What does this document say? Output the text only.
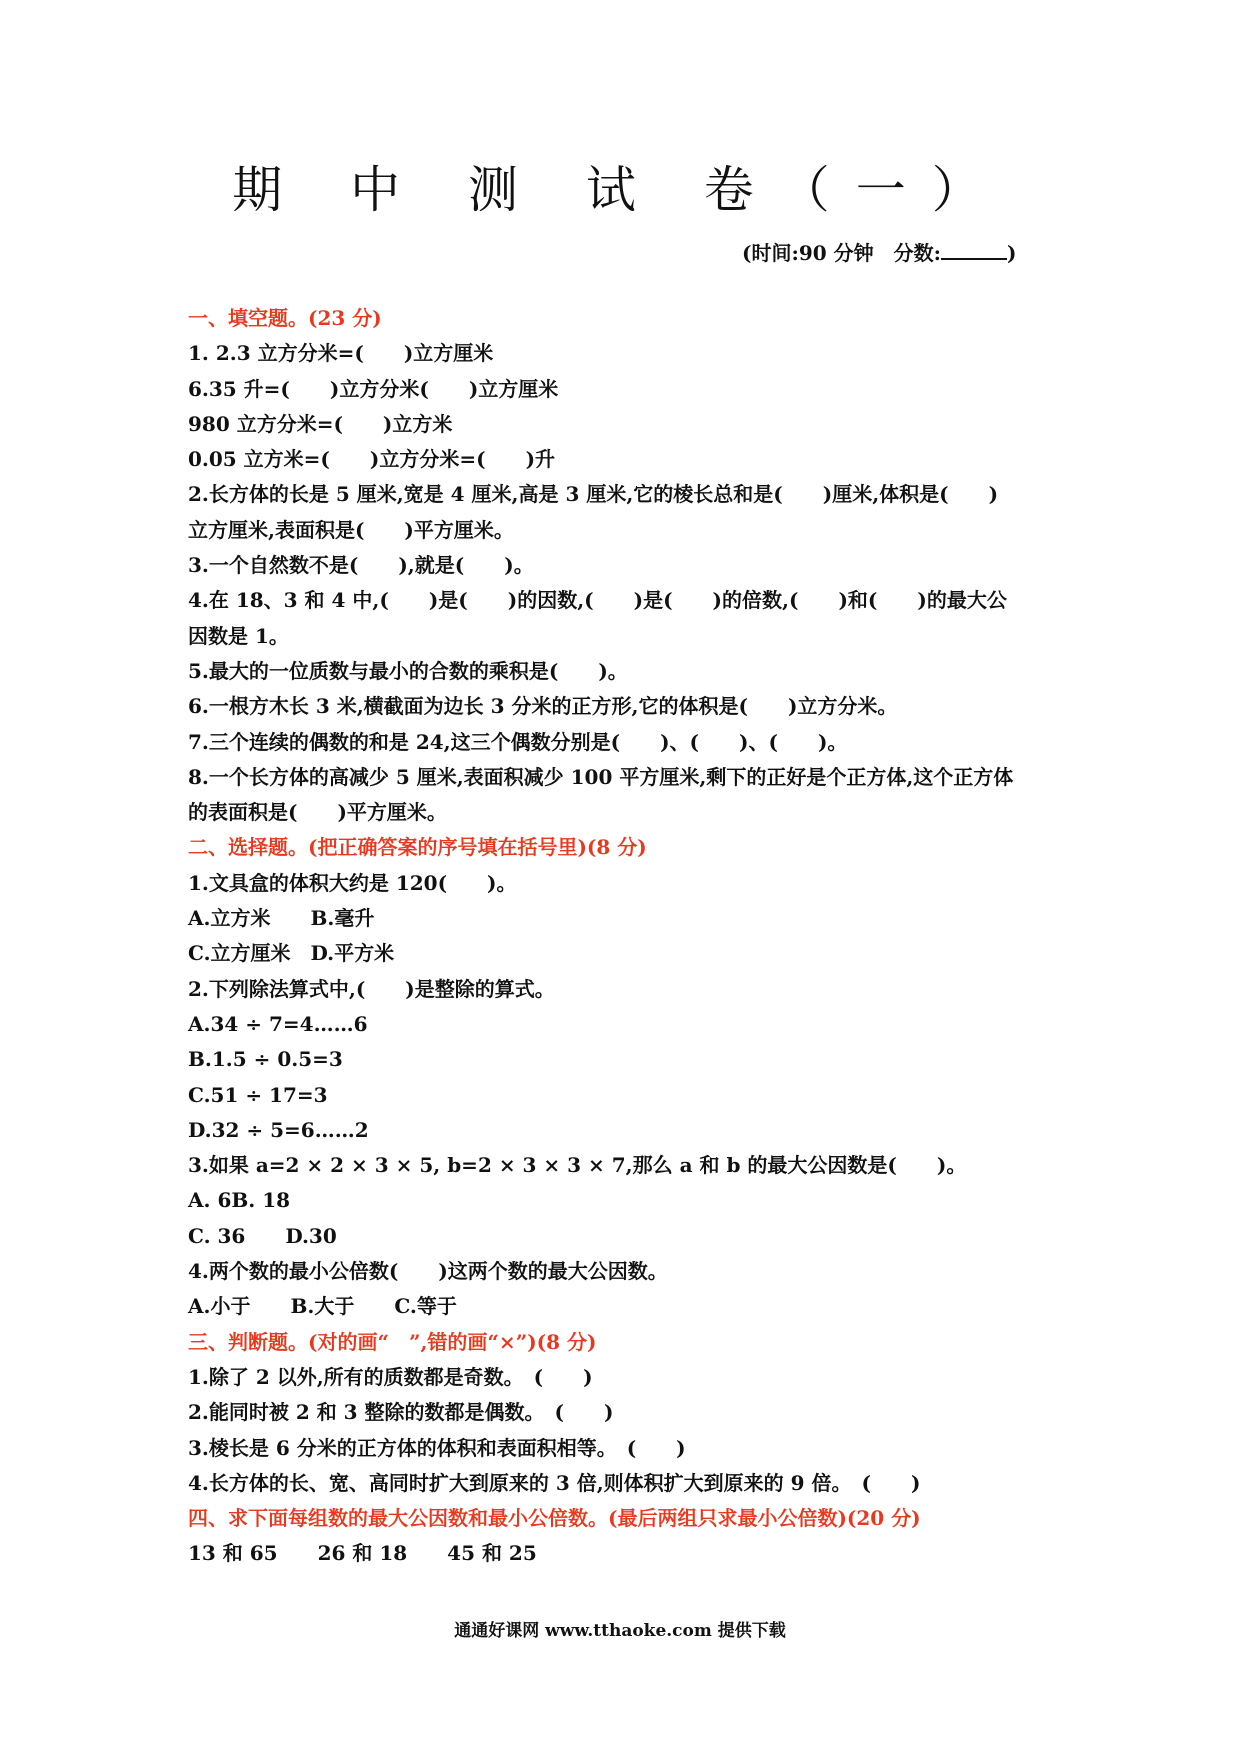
期 中 测 试 卷（一）
(时间:90 分钟　分数:	)

一、填空题。(23 分)

1. 2.3 立方分米=(　　)立方厘米

6.35 升=(　　)立方分米(　　)立方厘米

980 立方分米=(　　)立方米

0.05 立方米=(　　)立方分米=(　　)升

2.长方体的长是 5 厘米,宽是 4 厘米,高是 3 厘米,它的棱长总和是(　　)厘米,体积是(　　)

立方厘米,表面积是(　　)平方厘米。

3.一个自然数不是(　　),就是(　　)。

4.在 18、3 和 4 中,(　　)是(　　)的因数,(　　)是(　　)的倍数,(　　)和(　　)的最大公

因数是 1。

5.最大的一位质数与最小的合数的乘积是(　　)。

6.一根方木长 3 米,横截面为边长 3 分米的正方形,它的体积是(　　)立方分米。

7.三个连续的偶数的和是 24,这三个偶数分别是(　　)、(　　)、(　　)。

8.一个长方体的高减少 5 厘米,表面积减少 100 平方厘米,剩下的正好是个正方体,这个正方体

的表面积是(　　)平方厘米。

二、选择题。(把正确答案的序号填在括号里)(8 分)

1.文具盒的体积大约是 120(　　)。

A.立方米　　B.毫升

C.立方厘米　D.平方米

2.下列除法算式中,(　　)是整除的算式。

A.34 ÷ 7=4……6

B.1.5 ÷ 0.5=3

C.51 ÷ 17=3

D.32 ÷ 5=6……2

3.如果 a=2 × 2 × 3 × 5, b=2 × 3 × 3 × 7,那么 a 和 b 的最大公因数是(　　)。

A. 6B. 18

C. 36　　D.30

4.两个数的最小公倍数(　　)这两个数的最大公因数。

A.小于　　B.大于　　C.等于

三、判断题。(对的画“　”,错的画“×”)(8 分)

1.除了 2 以外,所有的质数都是奇数。　(　　)

2.能同时被 2 和 3 整除的数都是偶数。　(　　)

3.棱长是 6 分米的正方体的体积和表面积相等。　(　　)

4.长方体的长、宽、高同时扩大到原来的 3 倍,则体积扩大到原来的 9 倍。　(　　)

四、求下面每组数的最大公因数和最小公倍数。(最后两组只求最小公倍数)(20 分)

13 和 65　　26 和 18　　45 和 25

通通好课网 www.tthaoke.com 提供下载
